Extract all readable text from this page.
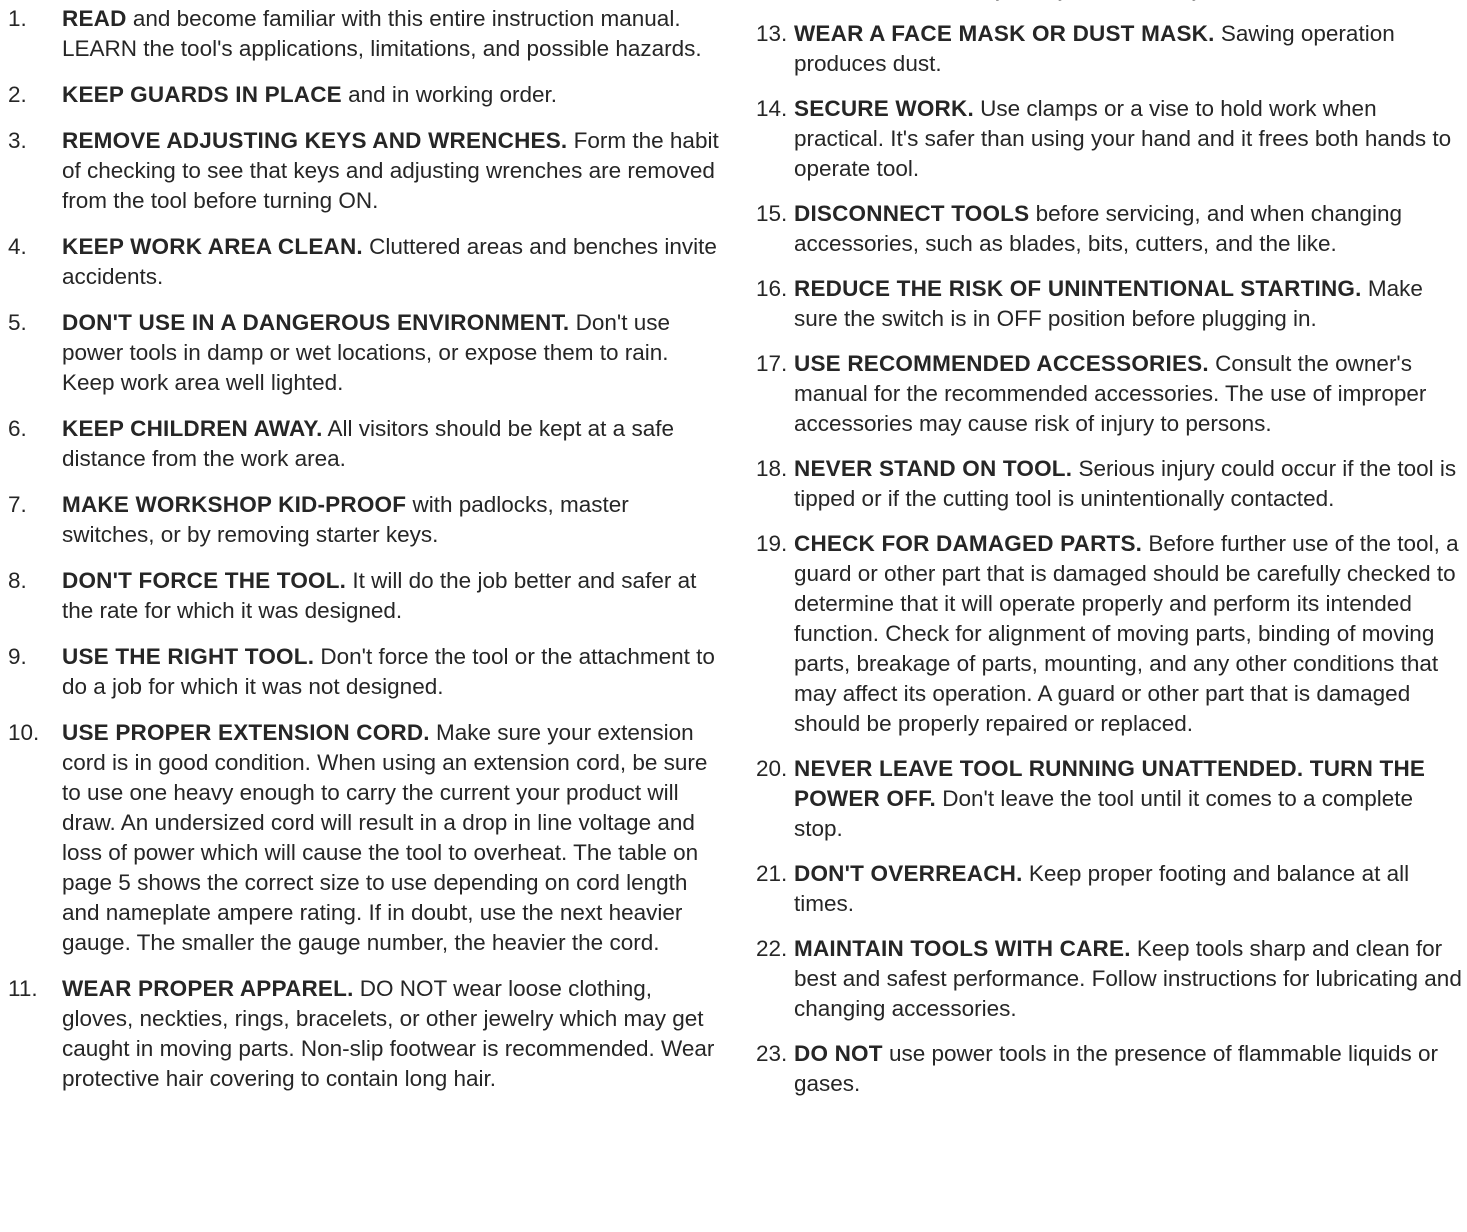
1.	READ and become familiar with this entire instruction manual. LEARN the tool's applications, limitations, and possible hazards.
2.	KEEP GUARDS IN PLACE and in working order.
3.	REMOVE ADJUSTING KEYS AND WRENCHES. Form the habit of checking to see that keys and adjusting wrenches are removed from the tool before turning ON.
4.	KEEP WORK AREA CLEAN. Cluttered areas and benches invite accidents.
5.	DON'T USE IN A DANGEROUS ENVIRONMENT. Don't use power tools in damp or wet locations, or expose them to rain. Keep work area well lighted.
6.	KEEP CHILDREN AWAY. All visitors should be kept at a safe distance from the work area.
7.	MAKE WORKSHOP KID-PROOF with padlocks, master switches, or by removing starter keys.
8.	DON'T FORCE THE TOOL. It will do the job better and safer at the rate for which it was designed.
9.	USE THE RIGHT TOOL. Don't force the tool or the attachment to do a job for which it was not designed.
10.	USE PROPER EXTENSION CORD. Make sure your extension cord is in good condition. When using an extension cord, be sure to use one heavy enough to carry the current your product will draw. An undersized cord will result in a drop in line voltage and loss of power which will cause the tool to overheat. The table on page 5 shows the correct size to use depending on cord length and nameplate ampere rating. If in doubt, use the next heavier gauge. The smaller the gauge number, the heavier the cord.
11.	WEAR PROPER APPAREL. DO NOT wear loose clothing, gloves, neckties, rings, bracelets, or other jewelry which may get caught in moving parts. Non-slip footwear is recommended. Wear protective hair covering to contain long hair.
13. WEAR A FACE MASK OR DUST MASK. Sawing operation produces dust.
14. SECURE WORK. Use clamps or a vise to hold work when practical. It's safer than using your hand and it frees both hands to operate tool.
15. DISCONNECT TOOLS before servicing, and when changing accessories, such as blades, bits, cutters, and the like.
16. REDUCE THE RISK OF UNINTENTIONAL STARTING. Make sure the switch is in OFF position before plugging in.
17. USE RECOMMENDED ACCESSORIES. Consult the owner's manual for the recommended accessories. The use of improper accessories may cause risk of injury to persons.
18. NEVER STAND ON TOOL. Serious injury could occur if the tool is tipped or if the cutting tool is unintentionally contacted.
19. CHECK FOR DAMAGED PARTS. Before further use of the tool, a guard or other part that is damaged should be carefully checked to determine that it will operate properly and perform its intended function. Check for alignment of moving parts, binding of moving parts, breakage of parts, mounting, and any other conditions that may affect its operation. A guard or other part that is damaged should be properly repaired or replaced.
20. NEVER LEAVE TOOL RUNNING UNATTENDED. TURN THE POWER OFF. Don't leave the tool until it comes to a complete stop.
21. DON'T OVERREACH. Keep proper footing and balance at all times.
22. MAINTAIN TOOLS WITH CARE. Keep tools sharp and clean for best and safest performance. Follow instructions for lubricating and changing accessories.
23. DO NOT use power tools in the presence of flammable liquids or gases.
